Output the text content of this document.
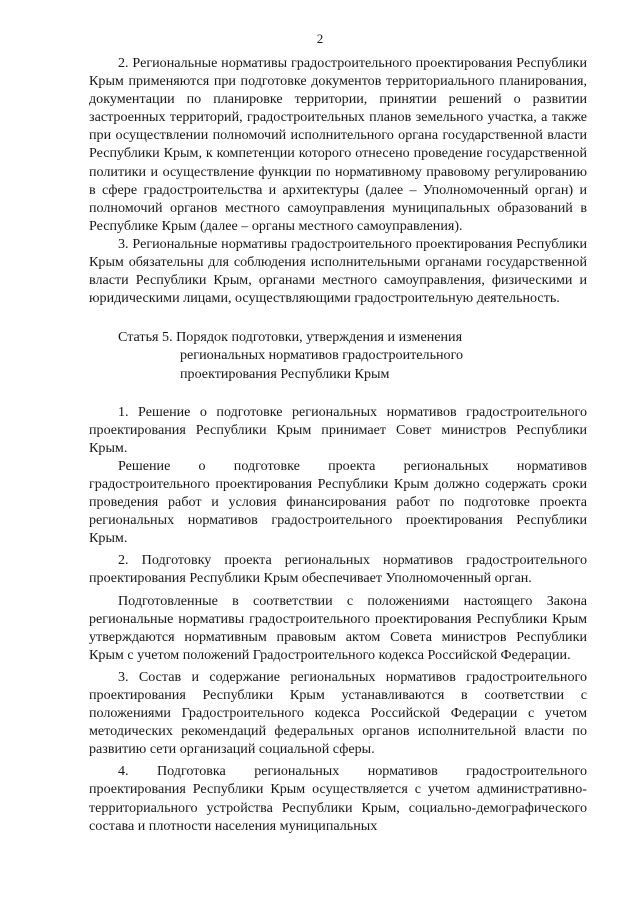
2

2. Региональные нормативы градостроительного проектирования Республики Крым применяются при подготовке документов территориального планирования, документации по планировке территории, принятии решений о развитии застроенных территорий, градостроительных планов земельного участка, а также при осуществлении полномочий исполнительного органа государственной власти Республики Крым, к компетенции которого отнесено проведение государственной политики и осуществление функции по нормативному правовому регулированию в сфере градостроительства и архитектуры (далее – Уполномоченный орган) и полномочий органов местного самоуправления муниципальных образований в Республике Крым (далее – органы местного самоуправления).

3. Региональные нормативы градостроительного проектирования Республики Крым обязательны для соблюдения исполнительными органами государственной власти Республики Крым, органами местного самоуправления, физическими и юридическими лицами, осуществляющими градостроительную деятельность.

Статья 5. Порядок подготовки, утверждения и изменения
региональных нормативов градостроительного
проектирования Республики Крым

1. Решение о подготовке региональных нормативов градостроительного проектирования Республики Крым принимает Совет министров Республики Крым.

Решение о подготовке проекта региональных нормативов градостроительного проектирования Республики Крым должно содержать сроки проведения работ и условия финансирования работ по подготовке проекта региональных нормативов градостроительного проектирования Республики Крым.

2. Подготовку проекта региональных нормативов градостроительного проектирования Республики Крым обеспечивает Уполномоченный орган.

Подготовленные в соответствии с положениями настоящего Закона региональные нормативы градостроительного проектирования Республики Крым утверждаются нормативным правовым актом Совета министров Республики Крым с учетом положений Градостроительного кодекса Российской Федерации.

3. Состав и содержание региональных нормативов градостроительного проектирования Республики Крым устанавливаются в соответствии с положениями Градостроительного кодекса Российской Федерации с учетом методических рекомендаций федеральных органов исполнительной власти по развитию сети организаций социальной сферы.

4. Подготовка региональных нормативов градостроительного проектирования Республики Крым осуществляется с учетом административно-территориального устройства Республики Крым, социально-демографического состава и плотности населения муниципальных
